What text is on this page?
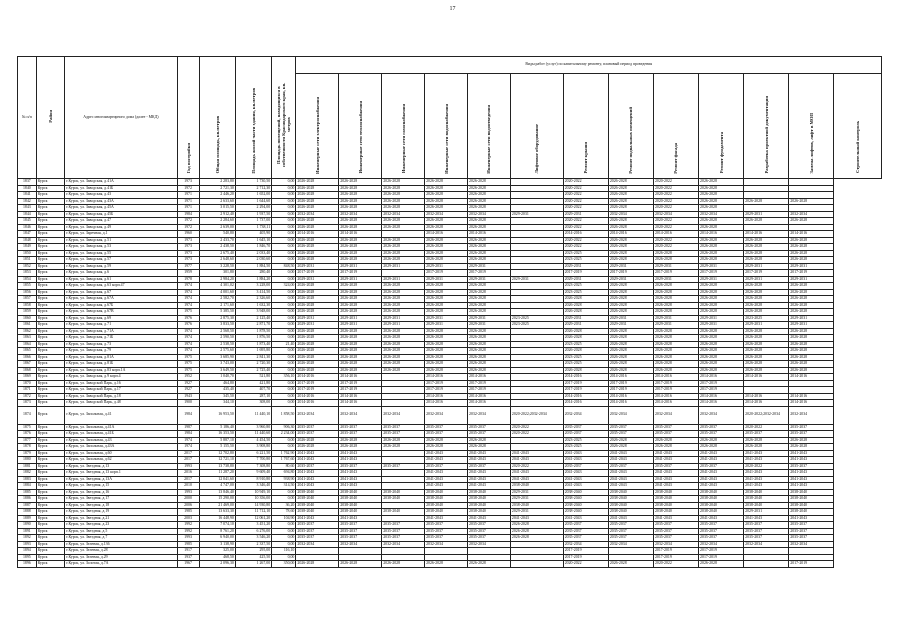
17
№ п/п	Район	Адрес многоквартирного дома (далее - МКД)	Год постройки	Общая площадь, кв.метров	Площадь жилой части здания, кв.метров	Площадь помещений, находящихся в собственности Краснодарского края, кв. метров	Виды работ (услуг) по капитальному ремонту, плановый период проведения												
							Инженерные сети электроснабжения	Инженерные сети теплоснабжения	Инженерные сети газоснабжения	Инженерные сети водоснабжения	Инженерные сети водоотведения	Лифтовое оборудование	Ремонт крыши	Ремонт подвальных помещений	Ремонт фасада	Ремонт фундамента	Разработка проектной документации	Замена лифтов, лифт в МОП	Строительный контроль
1837	Курск	г.Курск, ул. Заводская, д.41А	1973	2 283,80	1 730,50	0,00	2026-2028	2026-2028	2026-2028	2026-2028	2026-2028		2020-2022	2026-2028	2020-2022	2026-2028			
1840	Курск	г.Курск, ул. Заводская, д.41Б	1972	2 721,30	2 712,30	0,00	2026-2028	2026-2028	2026-2028	2026-2028	2026-2028		2020-2022	2026-2028	2020-2022	2026-2028			
1841	Курск	г.Курск, ул. Заводская, д.43	1971	2 446,20	1 652,00	0,00	2026-2028	2026-2028	2026-2028	2026-2028	2026-2028		2020-2022	2026-2028	2020-2022	2026-2028			
1842	Курск	г.Курск, ул. Заводская, д.43А	1971	2 633,60	1 644,60	0,00	2026-2028	2026-2028	2026-2028	2026-2028	2026-2028		2020-2022	2026-2028	2020-2022	2026-2028	2026-2028	2026-2028	
1843	Курск	г.Курск, ул. Заводская, д.45А	1971	3 015,50	2 294,00	0,00	2026-2028	2026-2028	2026-2028	2026-2028	2026-2028		2020-2022	2026-2028	2020-2022	2026-2028			
1844	Курск	г.Курск, ул. Заводская, д.45Б	1984	2 912,40	1 937,50	0,00	2032-2034	2032-2034	2032-2034	2032-2034	2032-2034	2029-2031	2029-2031	2032-2034	2032-2034	2032-2034	2029-2031	2032-2034	
1845	Курск	г.Курск, ул. Заводская, д.47	1972	2 284,60	1 737,00	0,00	2026-2028	2026-2028	2026-2028	2026-2028	2026-2028		2020-2022	2026-2028	2020-2022	2026-2028	2026-2028	2026-2028	
1846	Курск	г.Курск, ул. Заводская, д.49	1972	2 639,00	1 738,11	0,00	2026-2028	2026-2028	2026-2028	2026-2028	2026-2028		2020-2022	2026-2028	2020-2022	2026-2028			
1847	Курск	г.Курск, ул. Заречная, д.1	1960	540,80	405,90	0,00	2014-2016	2014-2016		2014-2016	2014-2016		2014-2016	2014-2016	2014-2016	2014-2016	2014-2016	2014-2016	
1848	Курск	г.Курск, ул. Заводская, д.51	1973	2 433,70	1 645,10	0,00	2026-2028	2026-2028	2026-2028	2026-2028	2026-2028		2020-2022	2026-2028	2020-2022	2026-2028	2026-2028	2026-2028	
1849	Курск	г.Курск, ул. Заводская, д.53	1973	2 438,50	1 846,70	0,00	2026-2028	2026-2028	2026-2028	2026-2028	2026-2028		2020-2022	2026-2028	2020-2022	2026-2028	2026-2028	2026-2028	
1850	Курск	г.Курск, ул. Заводская, д.55	1973	2 675,40	2 033,40	0,00	2026-2028	2026-2028	2026-2028	2026-2028	2026-2028		2023-2025	2026-2028	2026-2028	2026-2028	2026-2028	2026-2028	
1851	Курск	г.Курск, ул. Заводская, д.57	1973	2 648,60	2 030,60	0,00	2026-2028	2026-2028	2026-2028	2026-2028	2026-2028		2023-2025	2026-2028	2026-2028	2026-2028	2026-2028	2026-2028	
1852	Курск	г.Курск, ул. Заводская, д.59	1977	3 228,50	1 884,50	848,50	2029-2031	2029-2031	2029-2031	2029-2031	2029-2031		2029-2031	2029-2031	2029-2031	2029-2031	2029-2031	2029-2031	
1853	Курск	г.Курск, ул. Заводская, д.6	1959	301,80	280,40	0,00	2017-2019	2017-2019		2017-2019	2017-2019		2017-2019	2017-2019	2017-2019	2017-2019	2017-2019	2017-2019	
1854	Курск	г.Курск, ул. Заводская, д.61	1978	2 984,20	1 884,20	0,00	2029-2031	2029-2031	2029-2031	2029-2031	2029-2031	2029-2031	2029-2031	2029-2031	2029-2031	2029-2031	2029-2031	2029-2031	
1855	Курск	г.Курск, ул. Заводская, д.63 корп.47	1974	4 301,02	3 228,00	324,00	2026-2028	2026-2028	2026-2028	2026-2028	2026-2028		2023-2025	2026-2028	2026-2028	2026-2028	2026-2028	2026-2028	
1856	Курск	г.Курск, ул. Заводская, д.67	1974	4 001,60	3 414,50	0,00	2026-2028	2026-2028	2026-2028	2026-2028	2026-2028		2023-2025	2026-2028	2026-2028	2026-2028	2026-2028	2026-2028	
1857	Курск	г.Курск, ул. Заводская, д.67А	1974	2 582,70	2 326,60	0,00	2026-2028	2026-2028	2026-2028	2026-2028	2026-2028		2026-2028	2026-2028	2026-2028	2026-2028	2026-2028	2026-2028	
1858	Курск	г.Курск, ул. Заводская, д.67Б	1974	2 171,60	1 632,30	0,00	2026-2028	2026-2028	2026-2028	2026-2028	2026-2028		2026-2028	2026-2028	2026-2028	2026-2028	2026-2028	2026-2028	
1859	Курск	г.Курск, ул. Заводская, д.67В	1975	5 385,50	3 948,00	0,00	2026-2028	2026-2028	2026-2028	2026-2028	2026-2028		2026-2028	2026-2028	2026-2028	2026-2028	2026-2028	2026-2028	
1860	Курск	г.Курск, ул. Заводская, д.69	1976	2 875,30	2 125,40	0,00	2029-2031	2029-2031	2029-2031	2029-2031	2029-2031	2023-2025	2029-2031	2029-2031	2029-2031	2029-2031	2023-2025	2029-2031	
1861	Курск	г.Курск, ул. Заводская, д.71	1976	3 833,50	2 871,70	0,00	2029-2031	2029-2031	2029-2031	2029-2031	2029-2031	2023-2025	2029-2031	2029-2031	2029-2031	2029-2031	2029-2031	2029-2031	
1862	Курск	г.Курск, ул. Заводская, д.71А	1974	2 568,50	1 878,50	0,00	2026-2028	2026-2028	2026-2028	2026-2028	2026-2028		2026-2028	2026-2028	2026-2028	2026-2028	2026-2028	2026-2028	
1863	Курск	г.Курск, ул. Заводская, д.71Б	1974	2 590,50	1 876,50	0,00	2026-2028	2026-2028	2026-2028	2026-2028	2026-2028		2026-2028	2026-2028	2026-2028	2026-2028	2026-2028	2026-2028	
1864	Курск	г.Курск, ул. Заводская, д.73	1974	2 538,50	1 873,40	21,40	2026-2028	2026-2028	2026-2028	2026-2028	2026-2028		2023-2025	2026-2028	2026-2028	2026-2028	2026-2028	2026-2028	
1865	Курск	г.Курск, ул. Заводская, д.79	1974	2 575,60	1 695,80	0,00	2026-2028	2026-2028	2026-2028	2026-2028	2026-2028		2026-2028	2026-2028	2026-2028	2026-2028	2026-2028	2026-2028	
1866	Курск	г.Курск, ул. Заводская, д.81А	1975	3 685,90	2 841,30	0,00	2026-2028	2026-2028	2026-2028	2026-2028	2026-2028		2023-2025	2026-2028	2026-2028	2026-2028	2026-2028	2026-2028	
1867	Курск	г.Курск, ул. Заводская, д.81Б	1975	3 743,00	2 720,30	0,00	2026-2028	2026-2028	2026-2028	2026-2028	2026-2028		2023-2025	2026-2028	2026-2028	2026-2028	2026-2028	2026-2028	
1868	Курск	г.Курск, ул. Заводская, д.83 корп.1А	1975	3 649,50	2 725,40	0,00	2026-2028	2026-2028	2026-2028	2026-2028	2026-2028		2026-2028	2026-2028	2026-2028	2026-2028	2026-2028	2026-2028	
1869	Курск	г.Курск, ул. Заводская, д.9 корп.4	1952	1 040,70	521,80	356,10	2014-2016	2014-2016		2014-2016	2014-2016		2014-2016	2014-2016	2014-2016	2014-2016	2014-2016	2014-2016	
1870	Курск	г.Курск, ул. Заводской Парк, д.16	1927	464,80	421,80	0,00	2017-2019	2017-2019		2017-2019	2017-2019		2017-2019	2017-2019	2017-2019	2017-2019			
1871	Курск	г.Курск, ул. Заводской Парк, д.17	1927	435,40	407,70	0,00	2017-2019	2017-2019		2017-2019	2017-2019		2017-2019	2017-2019	2017-2019	2017-2019			
1872	Курск	г.Курск, ул. Заводской Парк, д.18	1943	345,50	287,10	0,00	2014-2016	2014-2016		2014-2016	2014-2016		2014-2016	2014-2016	2014-2016	2014-2016	2014-2016	2014-2016	
1873	Курск	г.Курск, ул. Заводской Парк, д.48	1900	344,10	308,00	0,00	2014-2016	2014-2016		2014-2016	2014-2016		2014-2016	2014-2016	2014-2016	2014-2016	2014-2016	2014-2016	
1874	Курск	г.Курск, ул. Запольная, д.41	1984	16 953,50	11 440,10	1 858,50	2032-2034	2032-2034	2032-2034	2032-2034	2032-2034	2020-2022;2032-2034	2032-2034	2032-2034	2032-2034	2032-2034	2020-2022;2032-2034	2032-2034	
1875	Курск	г.Курск, ул. Запольная, д.41А	1987	5 186,40	3 960,80	906,30	2035-2037	2035-2037	2035-2037	2035-2037	2035-2037	2020-2022	2035-2037	2035-2037	2035-2037	2035-2037	2020-2022	2035-2037	
1876	Курск	г.Курск, ул. Запольная, д.41Б	1984	16 353,50	11 440,60	2 234,00	2035-2037	2035-2037	2035-2037	2035-2037	2035-2037	2020-2022	2035-2037	2035-2037	2035-2037	2035-2037	2035-2037	2035-2037	
1877	Курск	г.Курск, ул. Запольная, д.43	1974	5 887,10	4 454,50	0,00	2026-2028	2026-2028	2026-2028	2026-2028	2026-2028		2023-2025	2026-2028	2026-2028	2026-2028	2026-2028	2026-2028	
1878	Курск	г.Курск, ул. Запольная, д.43А	1974	5 155,50	3 908,80	0,00	2026-2028	2026-2028	2026-2028	2026-2028	2026-2028		2023-2025	2026-2028	2026-2028	2026-2028	2026-2028	2026-2028	
1879	Курск	г.Курск, ул. Запольная, д.60	2017	12 702,80	6 221,50	1 762,90	2041-2043	2041-2043		2041-2043	2041-2043	2041-2043	2041-2043	2041-2043	2041-2043	2041-2043	2041-2043	2041-2043	
1880	Курск	г.Курск, ул. Запольная, д.62	2017	12 721,10	7 700,80	1 767,60	2041-2043	2041-2043		2041-2043	2041-2043	2041-2043	2041-2043	2041-2043	2041-2043	2041-2043	2041-2043	2041-2043	
1881	Курск	г.Курск, ул. Звездная, д.13	1993	13 738,80	7 308,80	80,60	2035-2037	2035-2037	2035-2037	2035-2037	2035-2037	2020-2022	2035-2037	2035-2037	2035-2037	2035-2037	2020-2022	2035-2037	
1882	Курск	г.Курск, ул. Звездная, д.13 корп.1	2016	11 287,20	9 609,40	694,80	2041-2043	2041-2043		2041-2043	2041-2043	2041-2043	2041-2043	2041-2043	2041-2043	2041-2043	2041-2043	2041-2043	
1883	Курск	г.Курск, ул. Звездная, д.13А	2017	12 041,60	8 910,80	938,90	2041-2043	2041-2043		2041-2043	2041-2043	2041-2043	2041-2043	2041-2043	2041-2043	2041-2043	2041-2043	2041-2043	
1884	Курск	г.Курск, ул. Звездная, д.15	2010	4 747,00	3 346,40	314,50	2041-2043	2041-2043		2041-2043	2041-2043	2038-2040	2041-2043	2041-2043	2041-2043	2041-2043	2041-2043	2041-2043	
1885	Курск	г.Курск, ул. Звездная, д.16	1993	13 846,40	10 949,10	0,00	2038-2040	2038-2040	2038-2040	2038-2040	2038-2040	2029-2031	2038-2040	2038-2040	2038-2040	2038-2040	2038-2040	2038-2040	
1886	Курск	г.Курск, ул. Звездная, д.17	2000	15 290,00	10 356,00	0,00	2038-2040	2038-2040	2038-2040	2038-2040	2038-2040	2029-2031	2038-2040	2038-2040	2038-2040	2038-2040	2038-2040	2038-2040	
1887	Курск	г.Курск, ул. Звездная, д.18	2006	21 469,00	14 930,80	36,20	2038-2040	2038-2040		2038-2040	2038-2040	2038-2040	2038-2040	2038-2040	2038-2040	2038-2040	2038-2040	2038-2040	
1888	Курск	г.Курск, ул. Звездная, д.19	1985	13 633,30	11 712,10	78,60	2038-2040	2038-2040	2038-2040	2038-2040	2038-2040	2029-2031	2038-2040	2038-2040	2038-2040	2038-2040	2029-2031	2038-2040	
1889	Курск	г.Курск, ул. Звездная, д.21	2003	16 448,90	12 061,20	104,90	2041-2043	2041-2043		2041-2043	2041-2043	2041-2043	2041-2043	2041-2043	2041-2043	2041-2043	2041-2043	2041-2043	
1890	Курск	г.Курск, ул. Звездная, д.23	1992	7 074,10	3 451,20	0,00	2035-2037	2035-2037	2035-2037	2035-2037	2035-2037	2026-2028	2035-2037	2035-2037	2035-2037	2035-2037	2035-2037	2035-2037	
1891	Курск	г.Курск, ул. Звездная, д.5	1992	8 761,20	6 276,00	0,00	2035-2037	2035-2037	2035-2037	2035-2037	2035-2037	2026-2028	2035-2037	2035-2037	2035-2037	2035-2037	2035-2037	2035-2037	
1892	Курск	г.Курск, ул. Звездная, д.7	1993	6 940,00	3 546,20	0,00	2035-2037	2035-2037	2035-2037	2035-2037	2035-2037	2026-2028	2035-2037	2035-2037	2035-2037	2035-2037	2035-2037	2035-2037	
1893	Курск	г.Курск, ул. Зеленая, д.136	1985	3 138,90	2 337,50	0,00	2032-2034	2032-2034	2032-2034	2032-2034	2032-2034		2032-2034	2032-2034	2032-2034	2032-2034	2032-2034	2032-2034	
1894	Курск	г.Курск, ул. Зеленая, д.28	1917	325,00	295,00	116,10							2017-2019		2017-2019	2017-2019			
1895	Курск	г.Курск, ул. Зеленая, д.29	1937	468,50	425,50	0,00							2017-2019		2017-2019	2017-2019			
1896	Курск	г.Курск, ул. Золотая, д.7А	1967	2 096,30	1 267,00	350,00	2026-2028	2026-2028	2026-2028	2026-2028	2026-2028		2020-2022	2026-2028	2020-2022	2026-2028		2017-2019	
